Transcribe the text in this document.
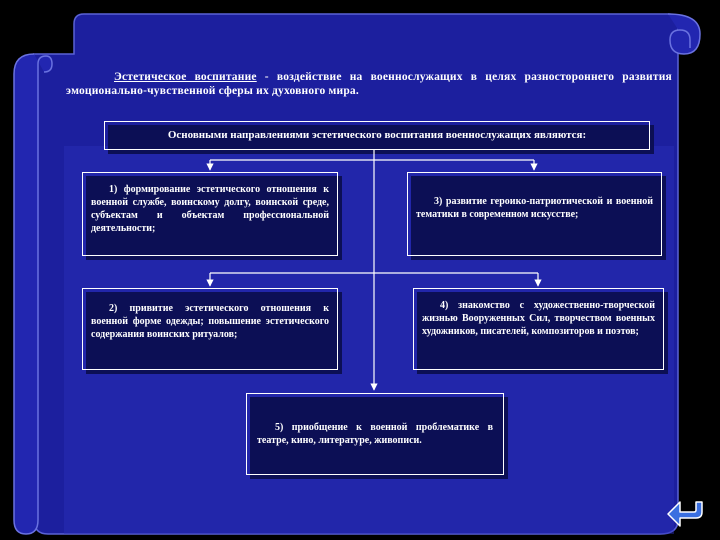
Эстетическое воспитание - воздействие на военнослужащих в целях разностороннего развития эмоционально-чувственной сферы их духовного мира.
Основными направлениями эстетического воспитания военнослужащих являются:
1) формирование эстетического отношения к военной службе, воинскому долгу, воинской среде, субъектам и объектам профессиональной деятельности;
2) привитие эстетического отношения к военной форме одежды; повышение эстетического содержания воинских ритуалов;
3) развитие героико-патриотической и военной тематики в современном искусстве;
4) знакомство с художественно-творческой жизнью Вооруженных Сил, творчеством военных художников, писателей, композиторов и поэтов;
5) приобщение к военной проблематике в театре, кино, литературе, живописи.
